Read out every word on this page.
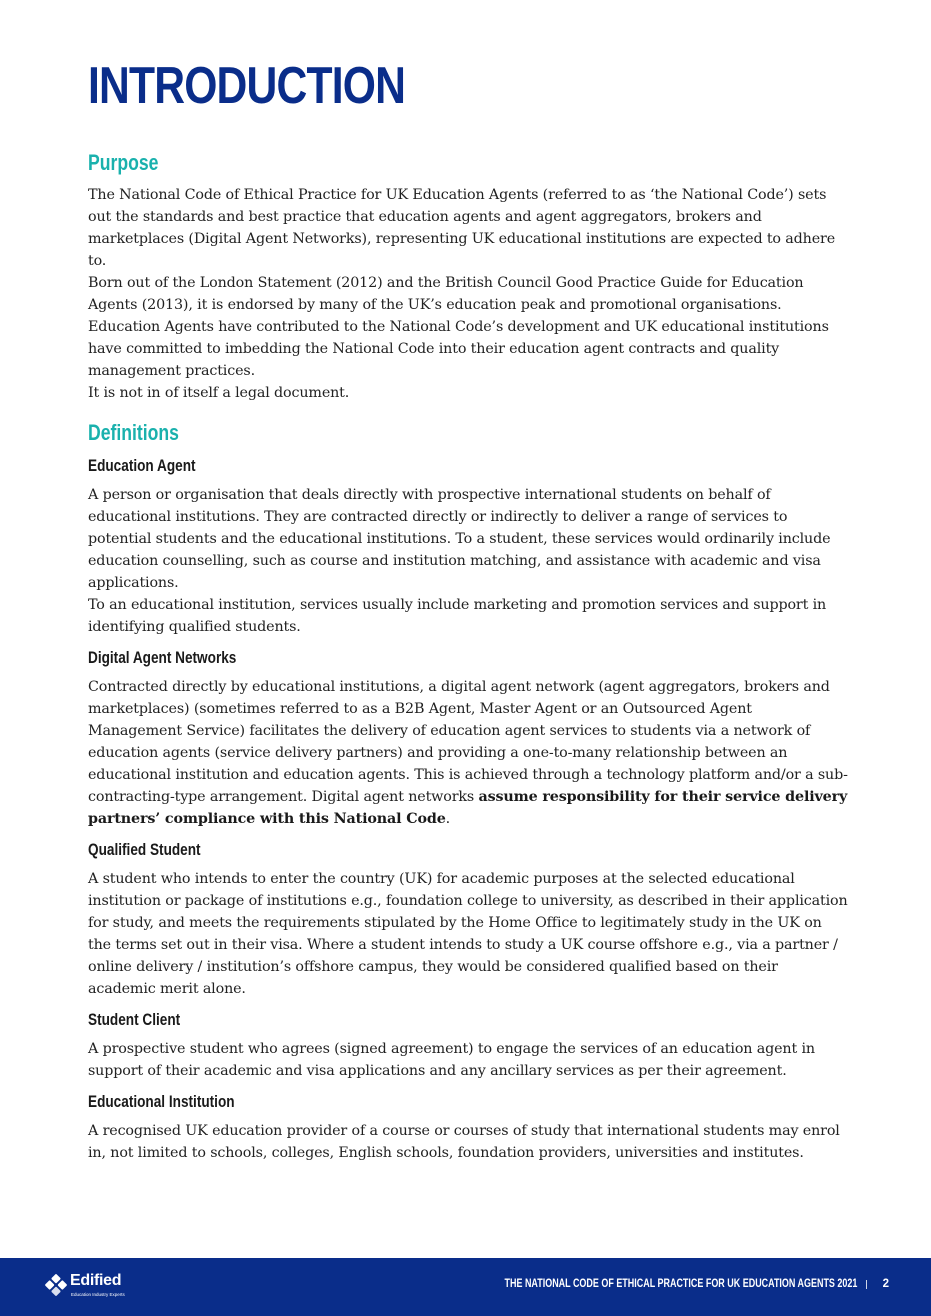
INTRODUCTION
Purpose

The National Code of Ethical Practice for UK Education Agents (referred to as ‘the National Code’) sets out the standards and best practice that education agents and agent aggregators, brokers and marketplaces (Digital Agent Networks), representing UK educational institutions are expected to adhere to.

Born out of the London Statement (2012) and the British Council Good Practice Guide for Education Agents (2013), it is endorsed by many of the UK’s education peak and promotional organisations. Education Agents have contributed to the National Code’s development and UK educational institutions have committed to imbedding the National Code into their education agent contracts and quality management practices.

It is not in of itself a legal document.

Definitions
Education Agent

A person or organisation that deals directly with prospective international students on behalf of educational institutions. They are contracted directly or indirectly to deliver a range of services to potential students and the educational institutions. To a student, these services would ordinarily include education counselling, such as course and institution matching, and assistance with academic and visa applications.

To an educational institution, services usually include marketing and promotion services and support in identifying qualified students.

Digital Agent Networks

Contracted directly by educational institutions, a digital agent network (agent aggregators, brokers and marketplaces) (sometimes referred to as a B2B Agent, Master Agent or an Outsourced Agent Management Service) facilitates the delivery of education agent services to students via a network of education agents (service delivery partners) and providing a one-to-many relationship between an educational institution and education agents. This is achieved through a technology platform and/or a sub-contracting-type arrangement. Digital agent networks assume responsibility for their service delivery partners’ compliance with this National Code.

Qualified Student

A student who intends to enter the country (UK) for academic purposes at the selected educational institution or package of institutions e.g., foundation college to university, as described in their application for study, and meets the requirements stipulated by the Home Office to legitimately study in the UK on the terms set out in their visa. Where a student intends to study a UK course offshore e.g., via a partner / online delivery / institution’s offshore campus, they would be considered qualified based on their academic merit alone.

Student Client

A prospective student who agrees (signed agreement) to engage the services of an education agent in support of their academic and visa applications and any ancillary services as per their agreement.

Educational Institution

A recognised UK education provider of a course or courses of study that international students may enrol in, not limited to schools, colleges, English schools, foundation providers, universities and institutes.

Edified
Education Industry Experts
THE NATIONAL CODE OF ETHICAL PRACTICE FOR UK EDUCATION AGENTS 2021 2
